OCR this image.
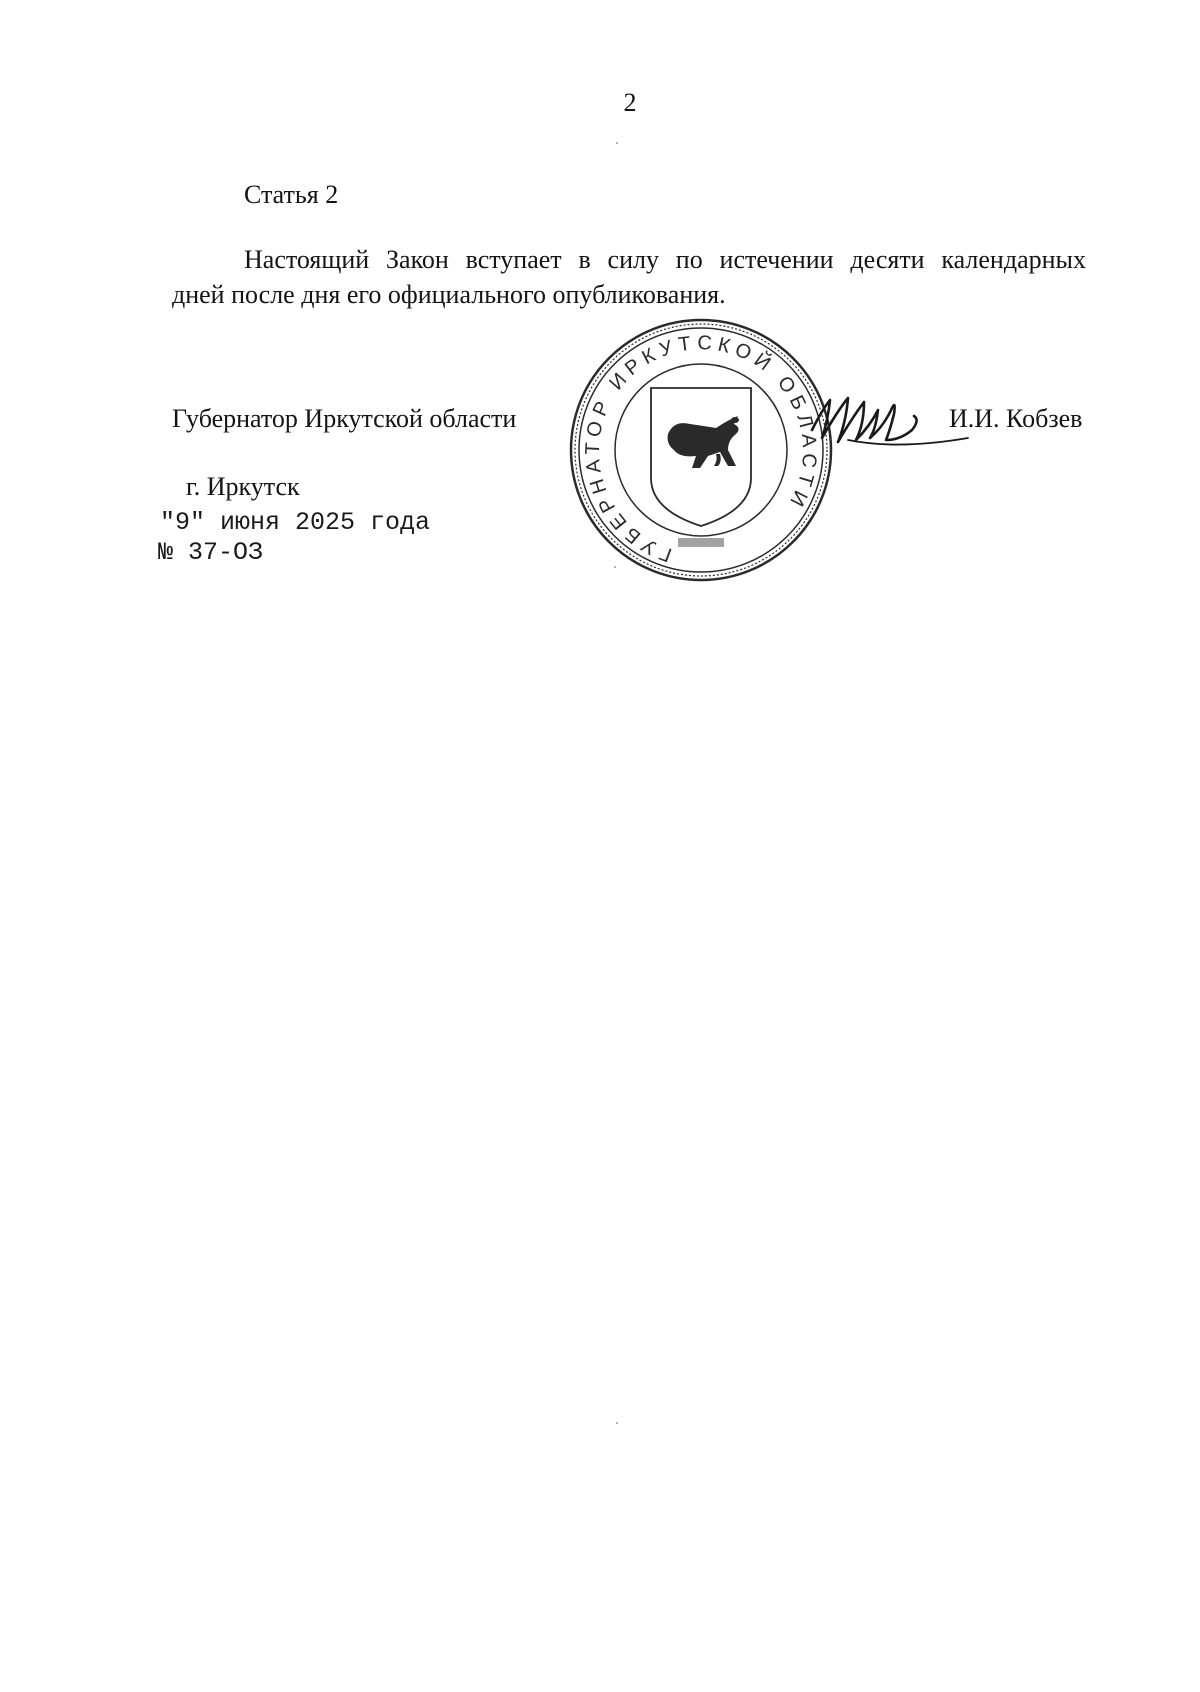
2
Статья 2
Настоящий Закон вступает в силу по истечении десяти календарных
дней после дня его официального опубликования.
Губернатор Иркутской области	И.И. Кобзев
г. Иркутск
"9" июня 2025 года
№ 37-ОЗ	ГУБЕРНАТОР ИРКУТСКОЙ ОБЛАСТИ
